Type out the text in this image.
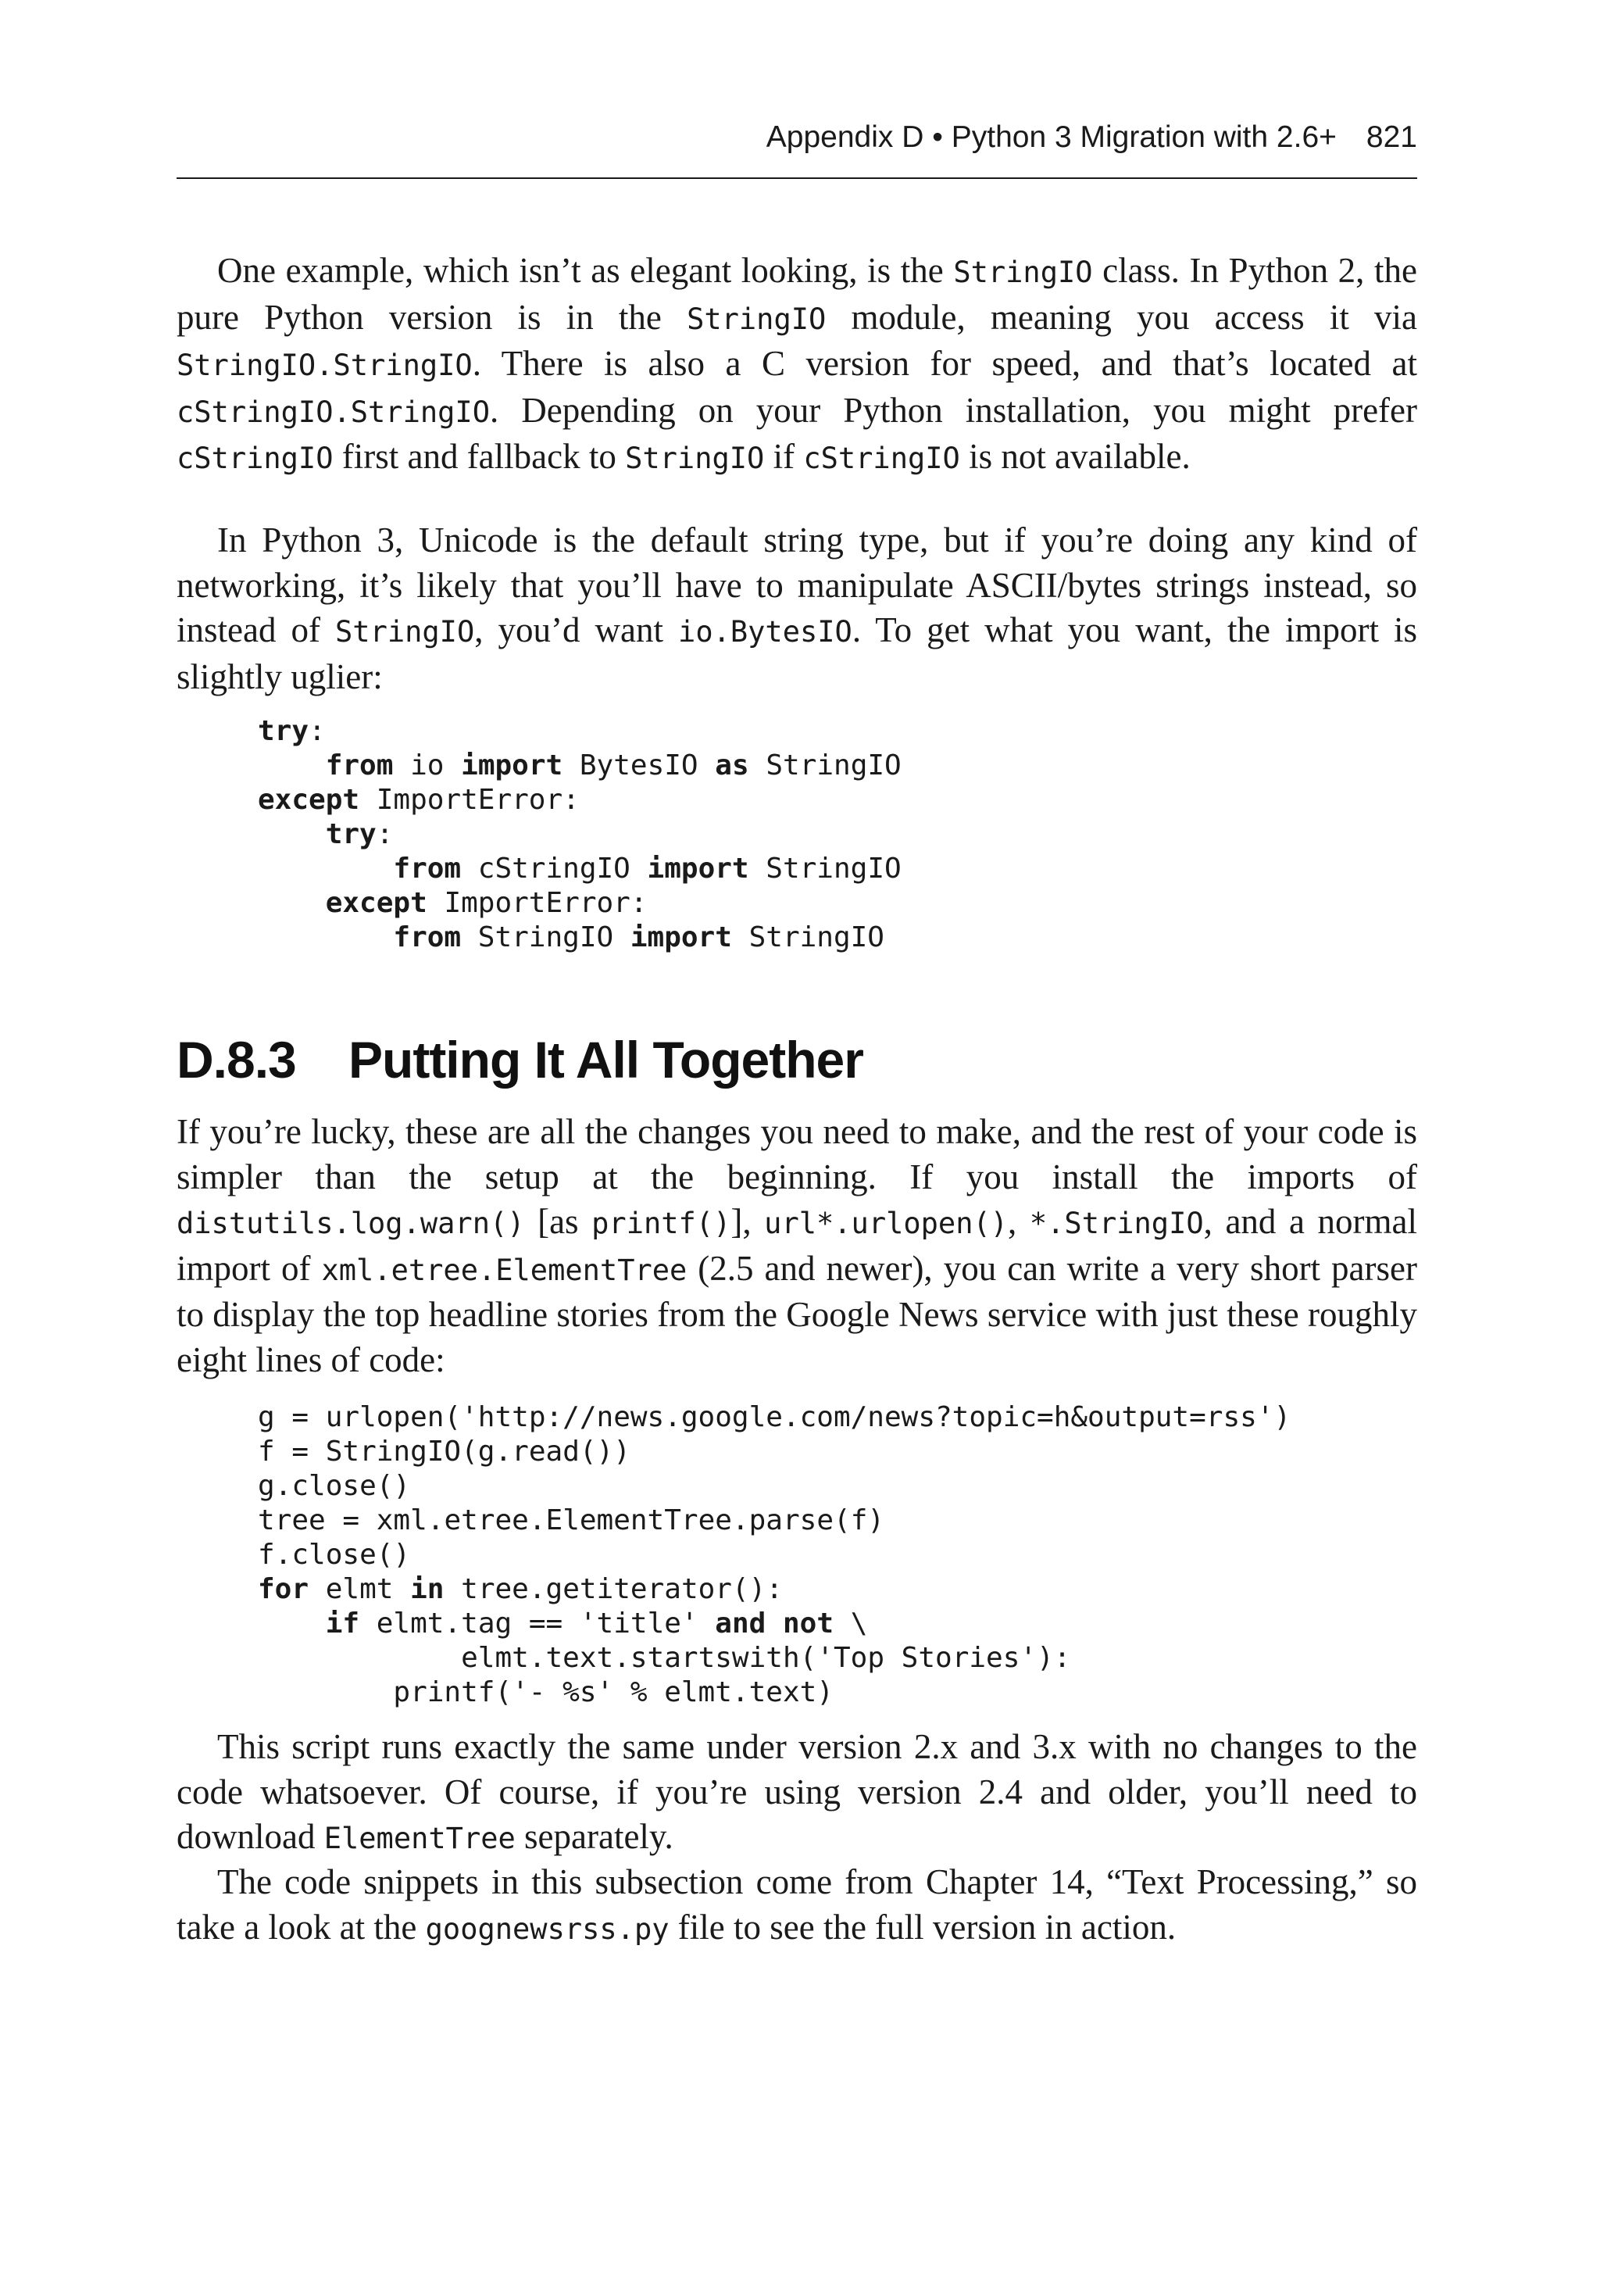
Appendix D • Python 3 Migration with 2.6+ 821

One example, which isn’t as elegant looking, is the StringIO class. In Python 2, the pure Python version is in the StringIO module, meaning you access it via StringIO.StringIO. There is also a C version for speed, and that’s located at cStringIO.StringIO. Depending on your Python installation, you might prefer cStringIO first and fallback to StringIO if cStringIO is not available.

In Python 3, Unicode is the default string type, but if you’re doing any kind of networking, it’s likely that you’ll have to manipulate ASCII/bytes strings instead, so instead of StringIO, you’d want io.BytesIO. To get what you want, the import is slightly uglier:

try:
from io import BytesIO as StringIO
except ImportError:
try:
from cStringIO import StringIO
except ImportError:
from StringIO import StringIO
D.8.3 Putting It All Together

If you’re lucky, these are all the changes you need to make, and the rest of your code is simpler than the setup at the beginning. If you install the imports of distutils.log.warn() [as printf()], url*.urlopen(), *.StringIO, and a normal import of xml.etree.ElementTree (2.5 and newer), you can write a very short parser to display the top headline stories from the Google News service with just these roughly eight lines of code:

g = urlopen('http://news.google.com/news?topic=h&output=rss')
f = StringIO(g.read())
g.close()
tree = xml.etree.ElementTree.parse(f)
f.close()
for elmt in tree.getiterator():
if elmt.tag == 'title' and not \
elmt.text.startswith('Top Stories'):
printf('- %s' % elmt.text)

This script runs exactly the same under version 2.x and 3.x with no changes to the code whatsoever. Of course, if you’re using version 2.4 and older, you’ll need to download ElementTree separately.

The code snippets in this subsection come from Chapter 14, “Text Processing,” so take a look at the goognewsrss.py file to see the full version in action.
